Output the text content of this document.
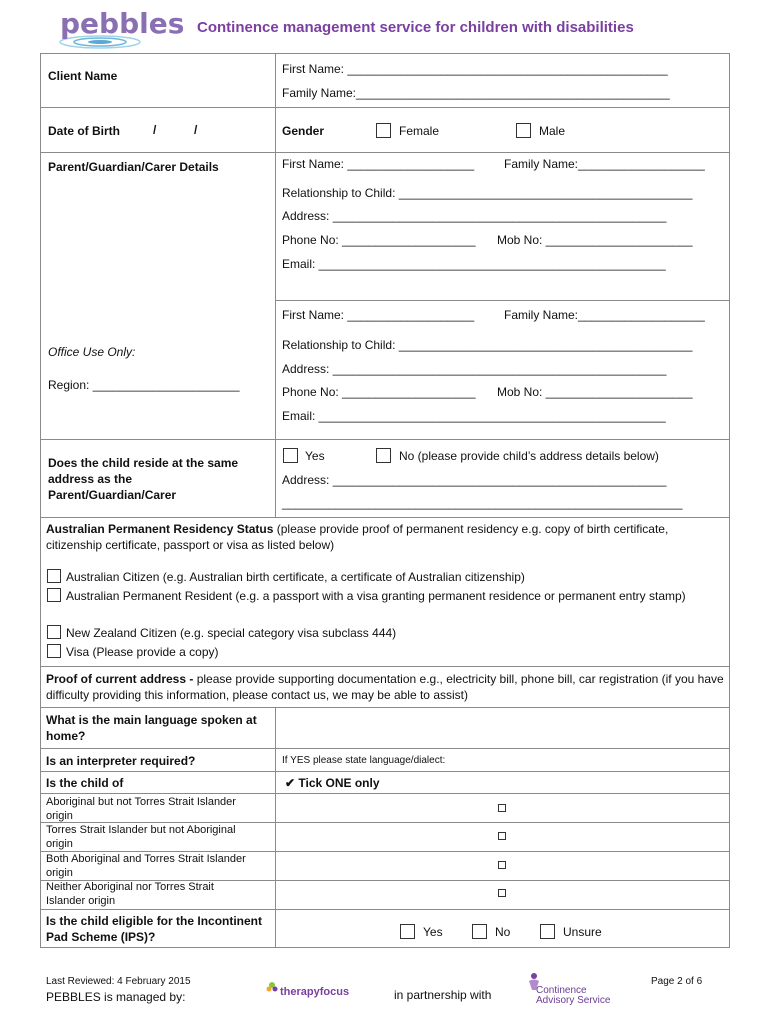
pebbles Continence management service for children with disabilities
Client Name	First Name: ________________________________________________
Family Name:_______________________________________________
Date of Birth	/	/	Gender	Female	Male
Parent/Guardian/Carer Details
Office Use Only:
Region: ______________________
First Name: ___________________ Family Name:___________________
Relationship to Child: ____________________________________________
Address: __________________________________________________
Phone No: ____________________ Mob No: ______________________
Email: ____________________________________________________
First Name: ___________________ Family Name:___________________
Relationship to Child: ____________________________________________
Address: __________________________________________________
Phone No: ____________________ Mob No: ______________________
Email: ____________________________________________________
Does the child reside at the same address as the Parent/Guardian/Carer
Yes	No (please provide child’s address details below)
Address: __________________________________________________
____________________________________________________________
Australian Permanent Residency Status (please provide proof of permanent residency e.g. copy of birth certificate, citizenship certificate, passport or visa as listed below)
Australian Citizen (e.g. Australian birth certificate, a certificate of Australian citizenship)
Australian Permanent Resident (e.g. a passport with a visa granting permanent residence or permanent entry stamp)
New Zealand Citizen (e.g. special category visa subclass 444)
Visa (Please provide a copy)
Proof of current address - please provide supporting documentation e.g., electricity bill, phone bill, car registration (if you have difficulty providing this information, please contact us, we may be able to assist)
What is the main language spoken at home?
Is an interpreter required?	If YES please state language/dialect:
Is the child of	✔ Tick ONE only
Aboriginal but not Torres Strait Islander origin
Torres Strait Islander but not Aboriginal origin
Both Aboriginal and Torres Strait Islander origin
Neither Aboriginal nor Torres Strait Islander origin
Is the child eligible for the Incontinent Pad Scheme (IPS)?	Yes	No	Unsure
Last Reviewed: 4 February 2015
PEBBLES is managed by:	therapyfocus	in partnership with	Continence
Advisory Service
Page 2 of 6
